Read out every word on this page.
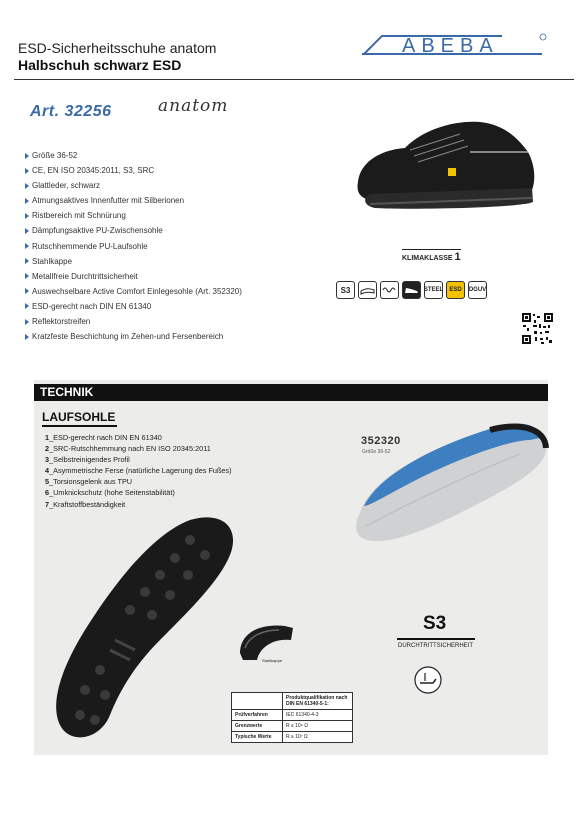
ESD-Sicherheitsschuhe anatom
Halbschuh schwarz ESD
ABEBA
Art. 32256	anatom
Größe 36-52
CE, EN ISO 20345:2011, S3, SRC
Glattleder, schwarz
Atmungsaktives Innenfutter mit Silberionen
Ristbereich mit Schnürung
Dämpfungsaktive PU-Zwischensohle
Rutschhemmende PU-Laufsohle
Stahlkappe
Metallfreie Durchtrittsicherheit
Auswechselbare Active Comfort Einlegesohle (Art. 352320)
ESD-gerecht nach DIN EN 61340
Reflektorstreifen
Kratzfeste Beschichtung im Zehen-und Fersenbereich
KLIMAKLASSE 1
S3	STEEL	ESD	DGUV
TECHNIK
LAUFSOHLE
1_ESD-gerecht nach DIN EN 61340
2_SRC-Rutschhemmung nach EN ISO 20345:2011
3_Selbstreinigendes Profil
4_Asymmetrische Ferse (natürliche Lagerung des Fußes)
5_Torsionsgelenk aus TPU
6_Umknickschutz (hohe Seitenstabilität)
7_Kraftstoffbeständigkeit
352320
Größe 36-52
Stahlkappe
S3
DURCHTRITTSICHERHEIT
	Produktqualifikation nach DIN EN 61340-5-1:
Prüfverfahren	IEC 61340-4-3
Grenzwerte	R ≤ 10⁹ Ω
Typische Werte	R ≥ 10⁷ Ω
